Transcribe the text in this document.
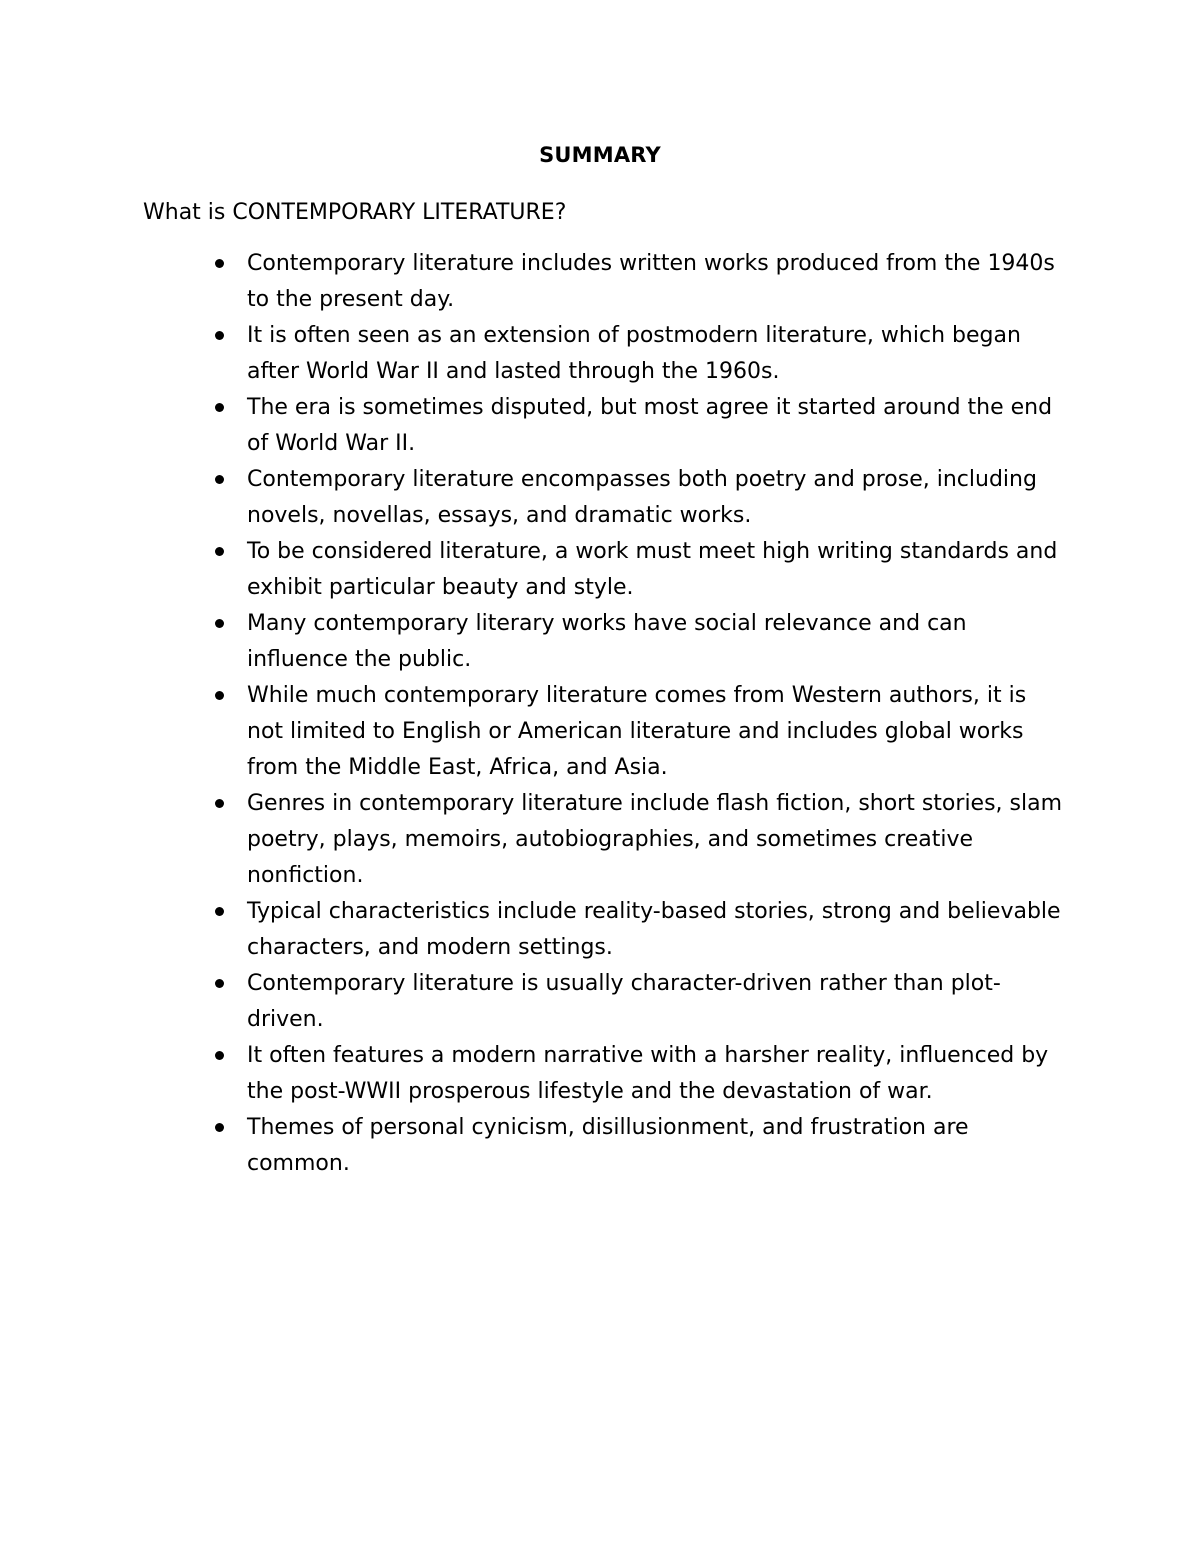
SUMMARY
What is CONTEMPORARY LITERATURE?
Contemporary literature includes written works produced from the 1940s to the present day.
It is often seen as an extension of postmodern literature, which began after World War II and lasted through the 1960s.
The era is sometimes disputed, but most agree it started around the end of World War II.
Contemporary literature encompasses both poetry and prose, including novels, novellas, essays, and dramatic works.
To be considered literature, a work must meet high writing standards and exhibit particular beauty and style.
Many contemporary literary works have social relevance and can influence the public.
While much contemporary literature comes from Western authors, it is not limited to English or American literature and includes global works from the Middle East, Africa, and Asia.
Genres in contemporary literature include flash fiction, short stories, slam poetry, plays, memoirs, autobiographies, and sometimes creative nonfiction.
Typical characteristics include reality-based stories, strong and believable characters, and modern settings.
Contemporary literature is usually character-driven rather than plot-driven.
It often features a modern narrative with a harsher reality, influenced by the post-WWII prosperous lifestyle and the devastation of war.
Themes of personal cynicism, disillusionment, and frustration are common.
